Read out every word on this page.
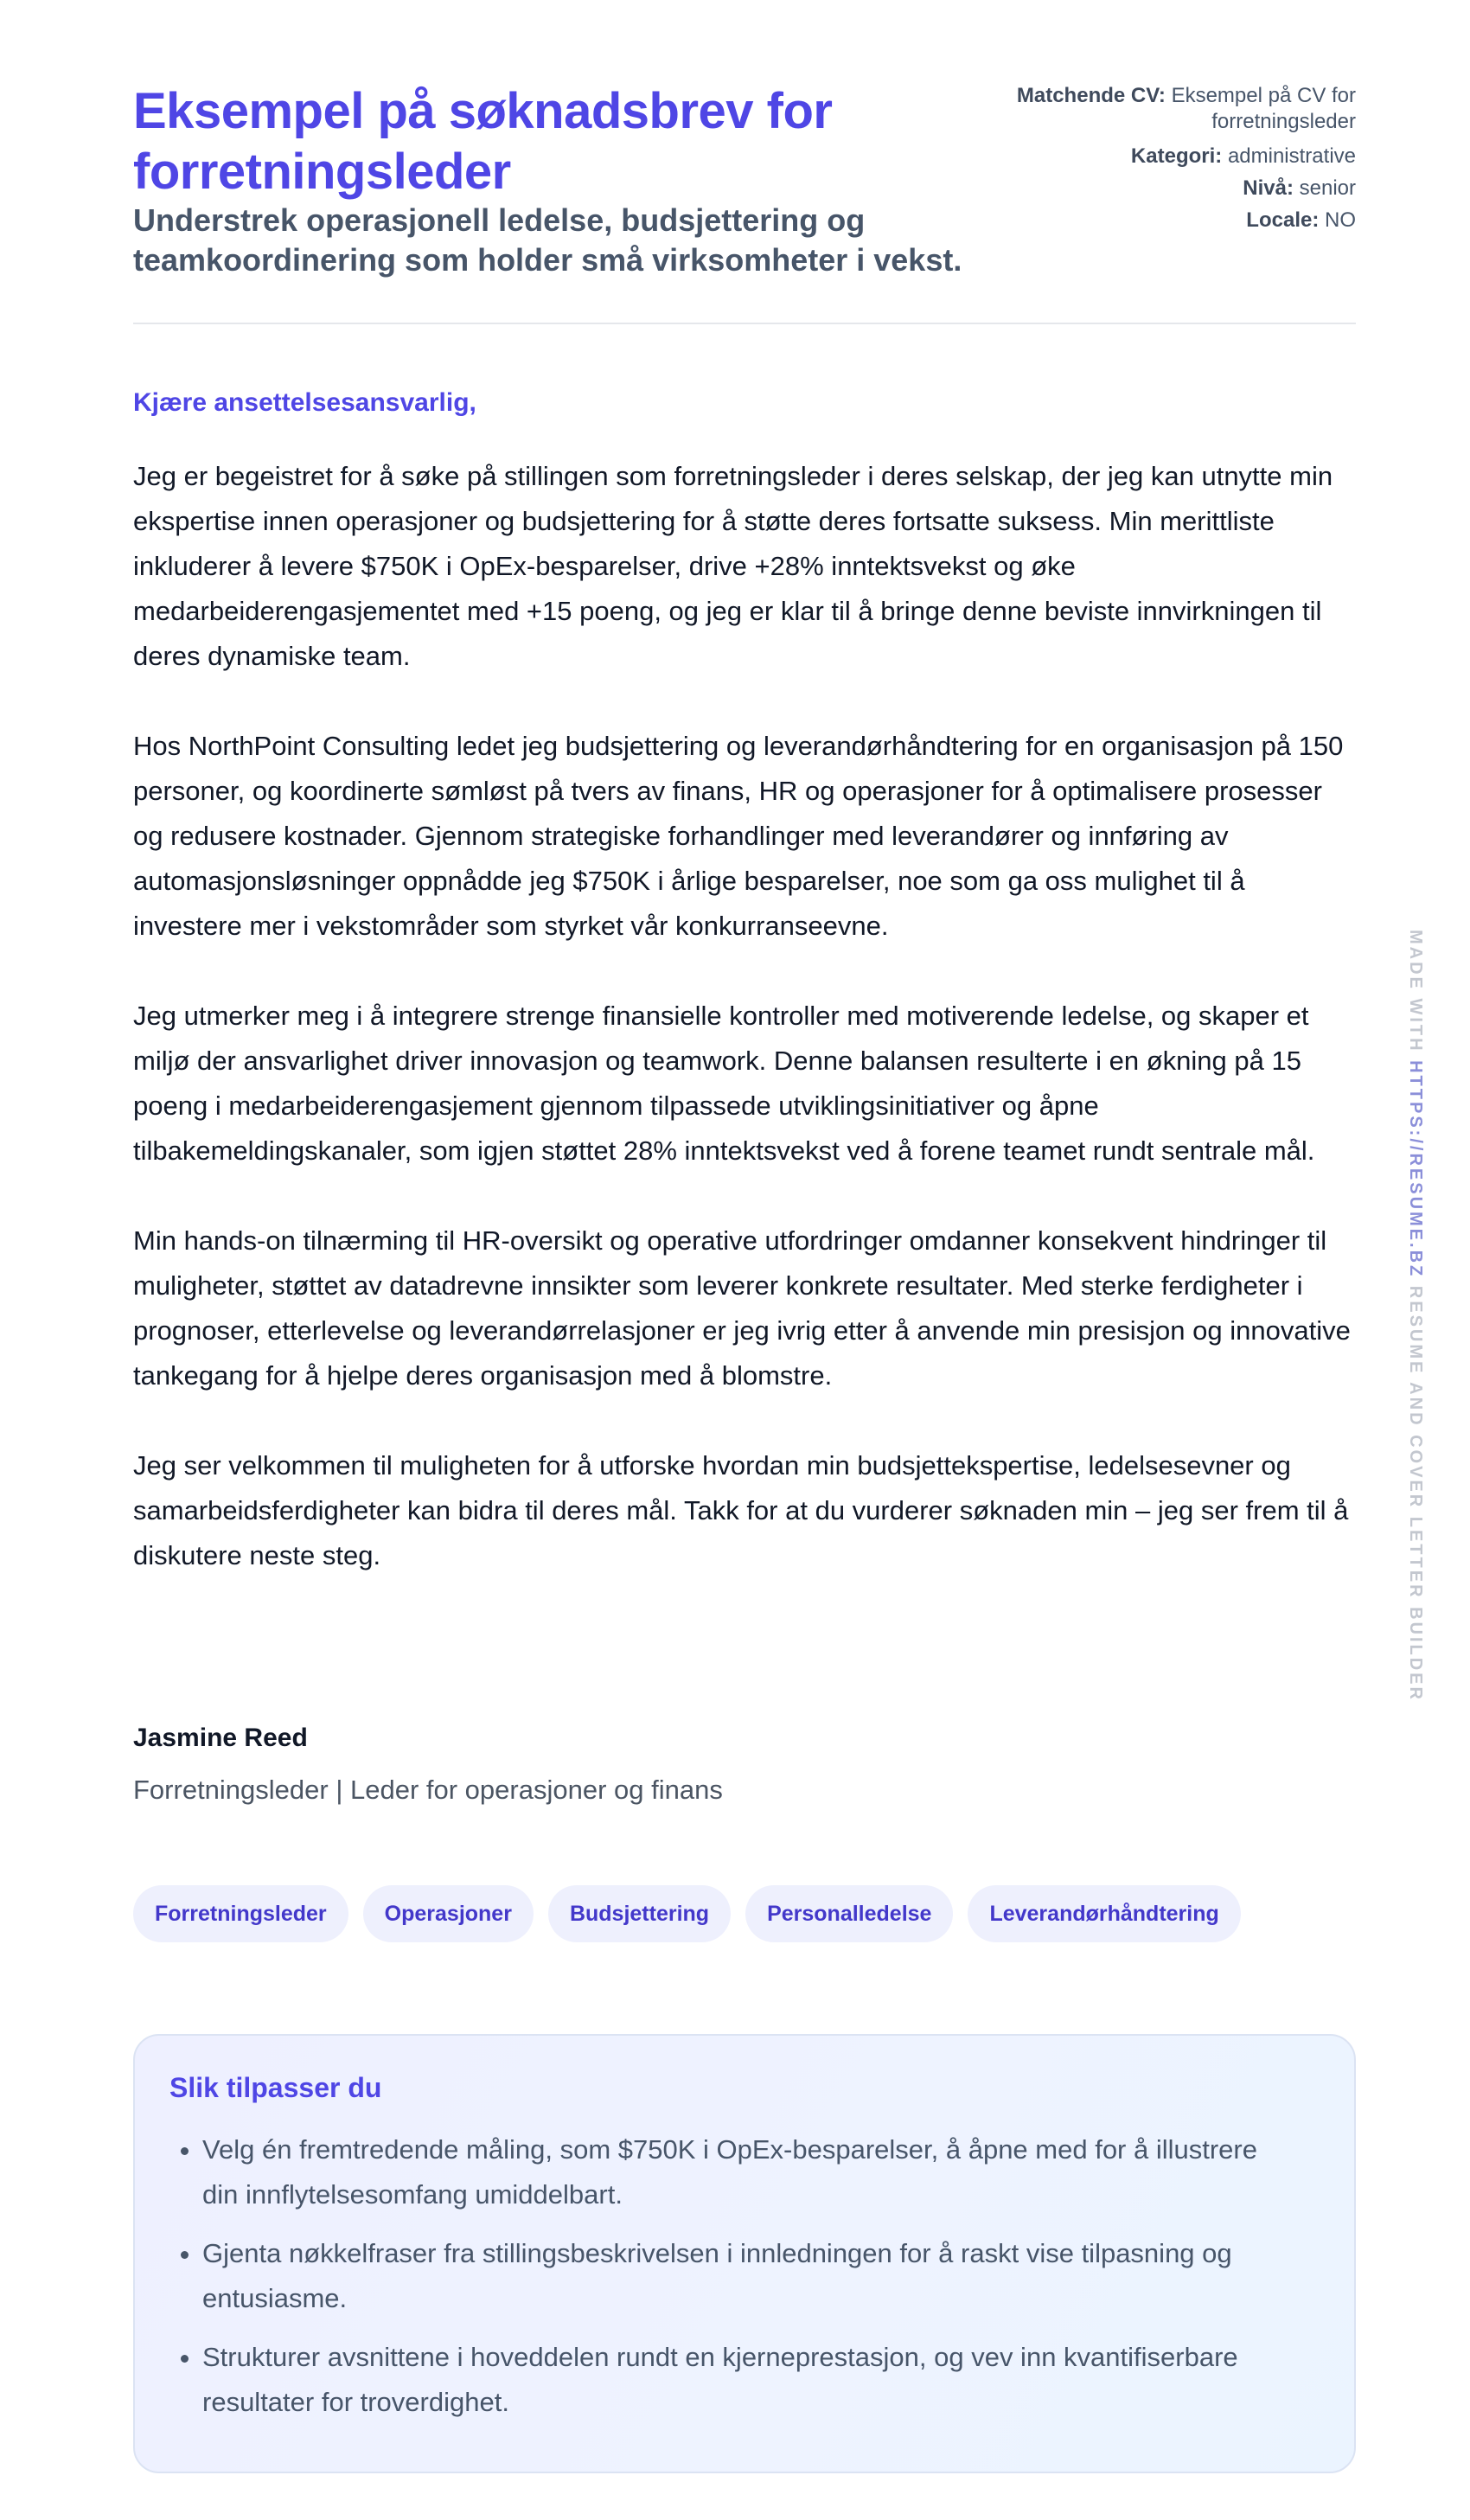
Eksempel på søknadsbrev for forretningsleder
Understrek operasjonell ledelse, budsjettering og teamkoordinering som holder små virksomheter i vekst.
Matchende CV: Eksempel på CV for forretningsleder
Kategori: administrative
Nivå: senior
Locale: NO
Kjære ansettelsesansvarlig,

Jeg er begeistret for å søke på stillingen som forretningsleder i deres selskap, der jeg kan utnytte min ekspertise innen operasjoner og budsjettering for å støtte deres fortsatte suksess. Min merittliste inkluderer å levere $750K i OpEx-besparelser, drive +28% inntektsvekst og øke medarbeiderengasjementet med +15 poeng, og jeg er klar til å bringe denne beviste innvirkningen til deres dynamiske team.

Hos NorthPoint Consulting ledet jeg budsjettering og leverandørhåndtering for en organisasjon på 150 personer, og koordinerte sømløst på tvers av finans, HR og operasjoner for å optimalisere prosesser og redusere kostnader. Gjennom strategiske forhandlinger med leverandører og innføring av automasjonsløsninger oppnådde jeg $750K i årlige besparelser, noe som ga oss mulighet til å investere mer i vekstområder som styrket vår konkurranseevne.

Jeg utmerker meg i å integrere strenge finansielle kontroller med motiverende ledelse, og skaper et miljø der ansvarlighet driver innovasjon og teamwork. Denne balansen resulterte i en økning på 15 poeng i medarbeiderengasjement gjennom tilpassede utviklingsinitiativer og åpne tilbakemeldingskanaler, som igjen støttet 28% inntektsvekst ved å forene teamet rundt sentrale mål.

Min hands-on tilnærming til HR-oversikt og operative utfordringer omdanner konsekvent hindringer til muligheter, støttet av datadrevne innsikter som leverer konkrete resultater. Med sterke ferdigheter i prognoser, etterlevelse og leverandørrelasjoner er jeg ivrig etter å anvende min presisjon og innovative tankegang for å hjelpe deres organisasjon med å blomstre.

Jeg ser velkommen til muligheten for å utforske hvordan min budsjettekspertise, ledelsesevner og samarbeidsferdigheter kan bidra til deres mål. Takk for at du vurderer søknaden min – jeg ser frem til å diskutere neste steg.

Jasmine Reed
Forretningsleder | Leder for operasjoner og finans
Forretningsleder	Operasjoner	Budsjettering	Personalledelse	Leverandørhåndtering
Slik tilpasser du
• Velg én fremtredende måling, som $750K i OpEx-besparelser, å åpne med for å illustrere din innflytelsesomfang umiddelbart.
• Gjenta nøkkelfraser fra stillingsbeskrivelsen i innledningen for å raskt vise tilpasning og entusiasme.
• Strukturer avsnittene i hoveddelen rundt en kjerneprestasjon, og vev inn kvantifiserbare resultater for troverdighet.
MADE WITH HTTPS://RESUME.BZ RESUME AND COVER LETTER BUILDER
